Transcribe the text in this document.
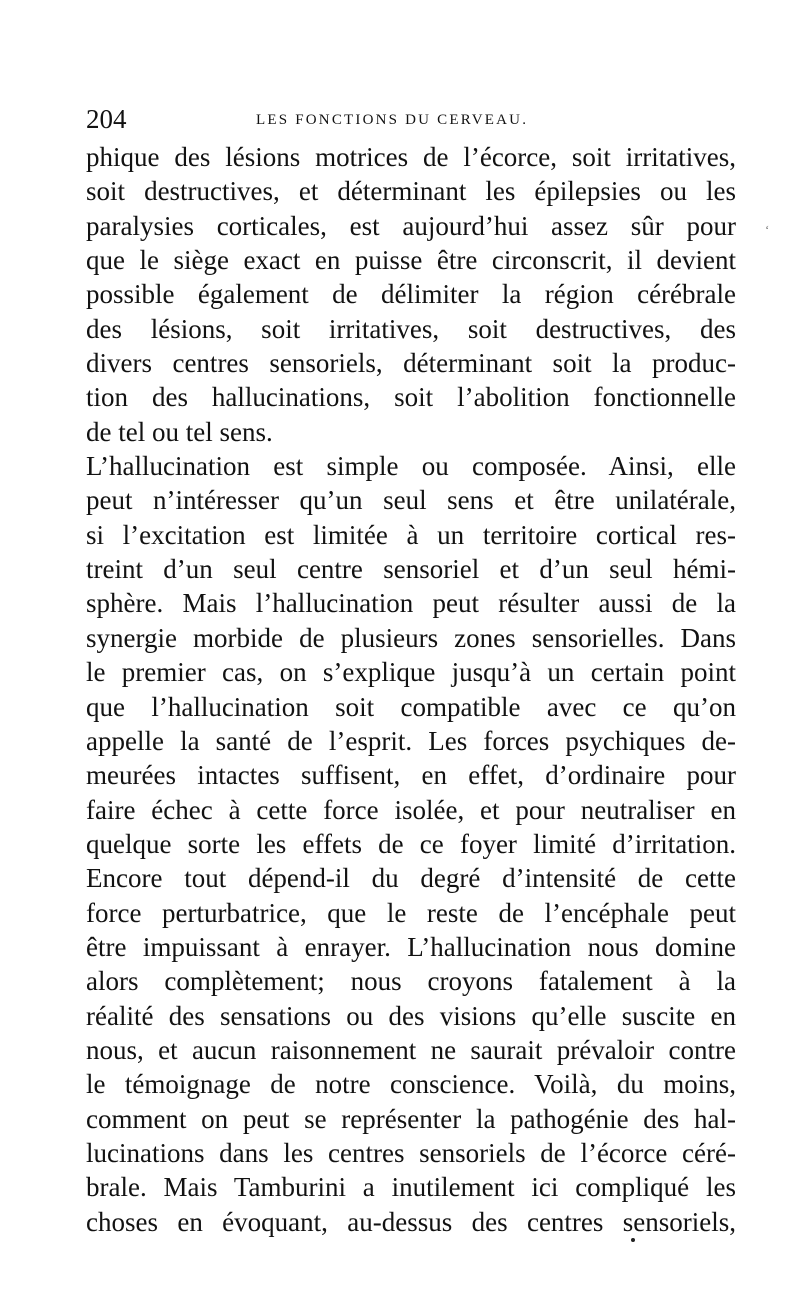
204	LES FONCTIONS DU CERVEAU.
phique des lésions motrices de l’écorce, soit irritatives,
soit destructives, et déterminant les épilepsies ou les
paralysies corticales, est aujourd’hui assez sûr pour
que le siège exact en puisse être circonscrit, il devient
possible également de délimiter la région cérébrale
des lésions, soit irritatives, soit destructives, des
divers centres sensoriels, déterminant soit la produc-
tion des hallucinations, soit l’abolition fonctionnelle
de tel ou tel sens.
L’hallucination est simple ou composée. Ainsi, elle
peut n’intéresser qu’un seul sens et être unilatérale,
si l’excitation est limitée à un territoire cortical res-
treint d’un seul centre sensoriel et d’un seul hémi-
sphère. Mais l’hallucination peut résulter aussi de la
synergie morbide de plusieurs zones sensorielles. Dans
le premier cas, on s’explique jusqu’à un certain point
que l’hallucination soit compatible avec ce qu’on
appelle la santé de l’esprit. Les forces psychiques de-
meurées intactes suffisent, en effet, d’ordinaire pour
faire échec à cette force isolée, et pour neutraliser en
quelque sorte les effets de ce foyer limité d’irritation.
Encore tout dépend-il du degré d’intensité de cette
force perturbatrice, que le reste de l’encéphale peut
être impuissant à enrayer. L’hallucination nous domine
alors complètement; nous croyons fatalement à la
réalité des sensations ou des visions qu’elle suscite en
nous, et aucun raisonnement ne saurait prévaloir contre
le témoignage de notre conscience. Voilà, du moins,
comment on peut se représenter la pathogénie des hal-
lucinations dans les centres sensoriels de l’écorce céré-
brale. Mais Tamburini a inutilement ici compliqué les
choses en évoquant, au-dessus des centres sensoriels,
‘
